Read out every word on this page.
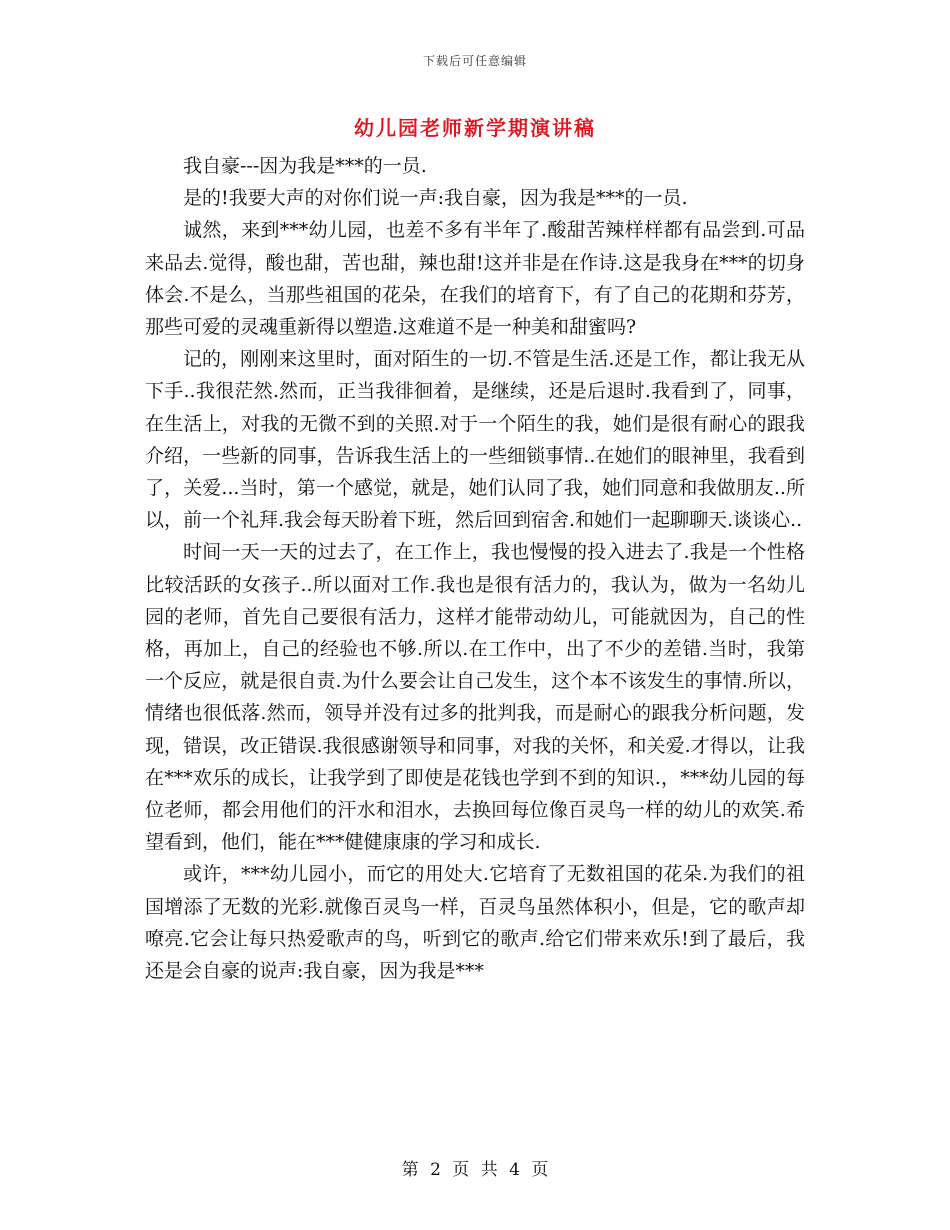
下载后可任意编辑
幼儿园老师新学期演讲稿

我自豪---因为我是***的一员.

是的!我要大声的对你们说一声:我自豪，因为我是***的一员.

诚然，来到***幼儿园，也差不多有半年了.酸甜苦辣样样都有品尝到.可品来品去.觉得，酸也甜，苦也甜，辣也甜!这并非是在作诗.这是我身在***的切身体会.不是么，当那些祖国的花朵，在我们的培育下，有了自己的花期和芬芳，那些可爱的灵魂重新得以塑造.这难道不是一种美和甜蜜吗?

记的，刚刚来这里时，面对陌生的一切.不管是生活.还是工作，都让我无从下手..我很茫然.然而，正当我徘徊着，是继续，还是后退时.我看到了，同事，在生活上，对我的无微不到的关照.对于一个陌生的我，她们是很有耐心的跟我介绍，一些新的同事，告诉我生活上的一些细锁事情..在她们的眼神里，我看到了，关爱...当时，第一个感觉，就是，她们认同了我，她们同意和我做朋友..所以，前一个礼拜.我会每天盼着下班，然后回到宿舍.和她们一起聊聊天.谈谈心..

时间一天一天的过去了，在工作上，我也慢慢的投入进去了.我是一个性格比较活跃的女孩子..所以面对工作.我也是很有活力的，我认为，做为一名幼儿园的老师，首先自己要很有活力，这样才能带动幼儿，可能就因为，自己的性格，再加上，自己的经验也不够.所以.在工作中，出了不少的差错.当时，我第一个反应，就是很自责.为什么要会让自己发生，这个本不该发生的事情.所以，情绪也很低落.然而，领导并没有过多的批判我，而是耐心的跟我分析问题，发现，错误，改正错误.我很感谢领导和同事，对我的关怀，和关爱.才得以，让我在***欢乐的成长，让我学到了即使是花钱也学到不到的知识.，***幼儿园的每位老师，都会用他们的汗水和泪水，去换回每位像百灵鸟一样的幼儿的欢笑.希望看到，他们，能在***健健康康的学习和成长.

或许，***幼儿园小，而它的用处大.它培育了无数祖国的花朵.为我们的祖国增添了无数的光彩.就像百灵鸟一样，百灵鸟虽然体积小，但是，它的歌声却嘹亮.它会让每只热爱歌声的鸟，听到它的歌声.给它们带来欢乐!到了最后，我还是会自豪的说声:我自豪，因为我是***

第 2 页 共 4 页
